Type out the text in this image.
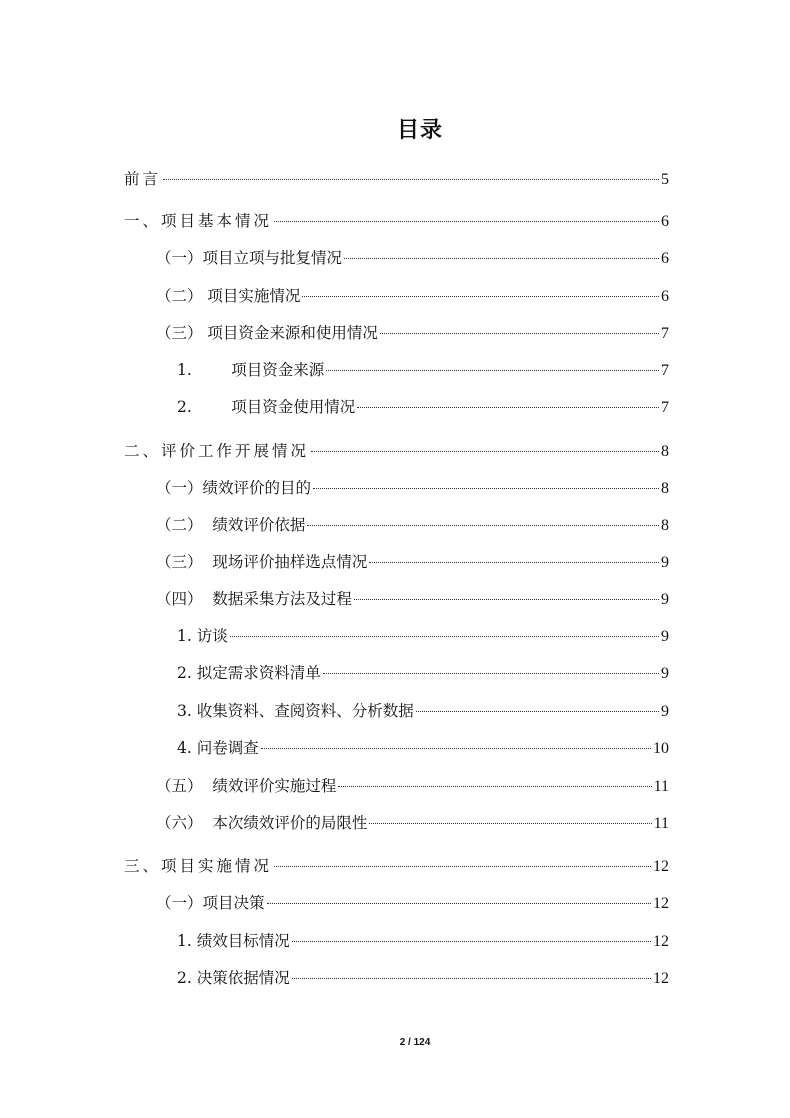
目录
前言	5
一、项目基本情况	6
（一）项目立项与批复情况	6
（二） 项目实施情况	6
（三） 项目资金来源和使用情况	7
1.        项目资金来源	7
2.        项目资金使用情况	7
二、评价工作开展情况	8
（一）绩效评价的目的	8
（二）  绩效评价依据	8
（三）  现场评价抽样选点情况	9
（四）  数据采集方法及过程	9
1. 访谈	9
2. 拟定需求资料清单	9
3. 收集资料、查阅资料、分析数据	9
4. 问卷调查	10
（五）  绩效评价实施过程	11
（六）  本次绩效评价的局限性	11
三、项目实施情况	12
（一）项目决策	12
1. 绩效目标情况	12
2. 决策依据情况	12
2 / 124
